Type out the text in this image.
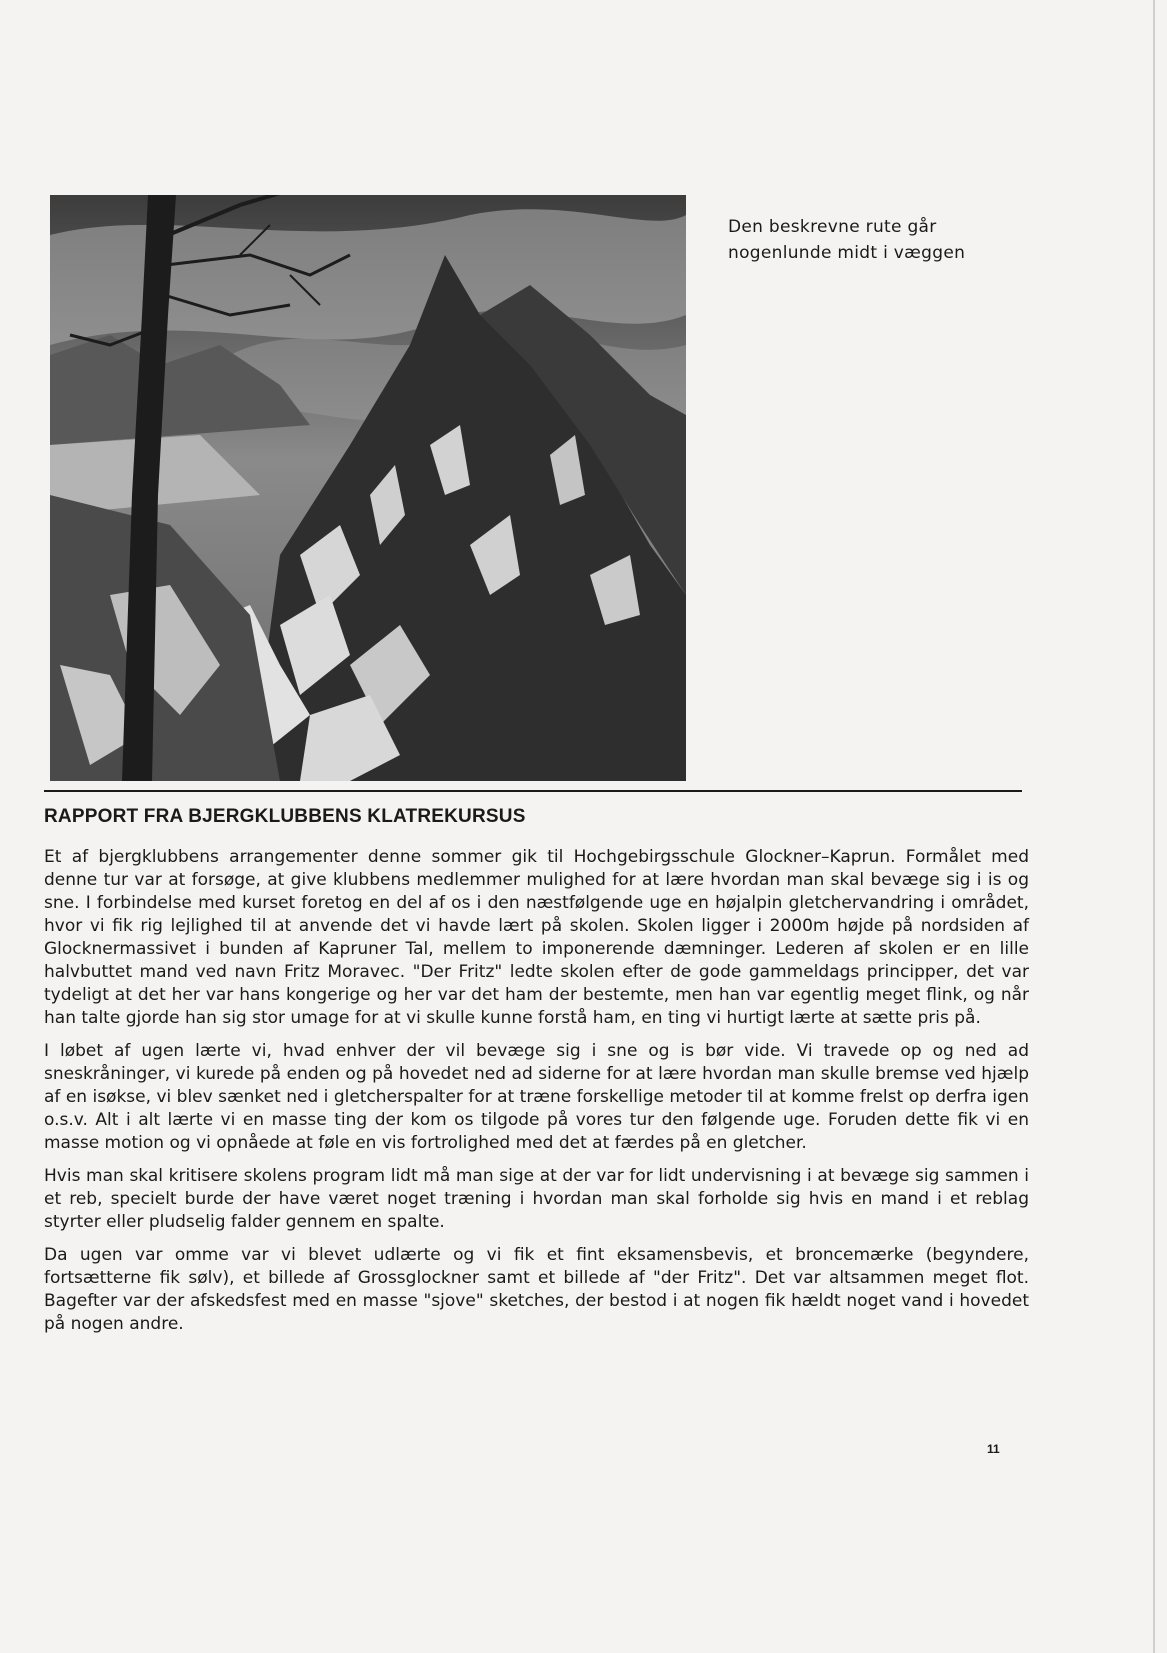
Den beskrevne rute går
nogenlunde midt i væggen
RAPPORT FRA BJERGKLUBBENS KLATREKURSUS

Et af bjergklubbens arrangementer denne sommer gik til Hochgebirgsschule Glockner–Kaprun. Formålet med denne tur var at forsøge, at give klubbens medlemmer mulighed for at lære hvordan man skal bevæge sig i is og sne. I forbindelse med kurset foretog en del af os i den næstfølgende uge en højalpin gletchervandring i området, hvor vi fik rig lejlighed til at anvende det vi havde lært på skolen. Skolen ligger i 2000m højde på nordsiden af Glocknermassivet i bunden af Kapruner Tal, mellem to imponerende dæmninger. Lederen af skolen er en lille halvbuttet mand ved navn Fritz Moravec. "Der Fritz" ledte skolen efter de gode gammeldags principper, det var tydeligt at det her var hans kongerige og her var det ham der bestemte, men han var egentlig meget flink, og når han talte gjorde han sig stor umage for at vi skulle kunne forstå ham, en ting vi hurtigt lærte at sætte pris på.

I løbet af ugen lærte vi, hvad enhver der vil bevæge sig i sne og is bør vide. Vi travede op og ned ad sneskråninger, vi kurede på enden og på hovedet ned ad siderne for at lære hvordan man skulle bremse ved hjælp af en isøkse, vi blev sænket ned i gletcherspalter for at træne forskellige metoder til at komme frelst op derfra igen o.s.v. Alt i alt lærte vi en masse ting der kom os tilgode på vores tur den følgende uge. Foruden dette fik vi en masse motion og vi opnåede at føle en vis fortrolighed med det at færdes på en gletcher.

Hvis man skal kritisere skolens program lidt må man sige at der var for lidt undervisning i at bevæge sig sammen i et reb, specielt burde der have været noget træning i hvordan man skal forholde sig hvis en mand i et reblag styrter eller pludselig falder gennem en spalte.

Da ugen var omme var vi blevet udlærte og vi fik et fint eksamensbevis, et broncemærke (begyndere, fortsætterne fik sølv), et billede af Grossglockner samt et billede af "der Fritz". Det var altsammen meget flot. Bagefter var der afskedsfest med en masse "sjove" sketches, der bestod i at nogen fik hældt noget vand i hovedet på nogen andre.

11
